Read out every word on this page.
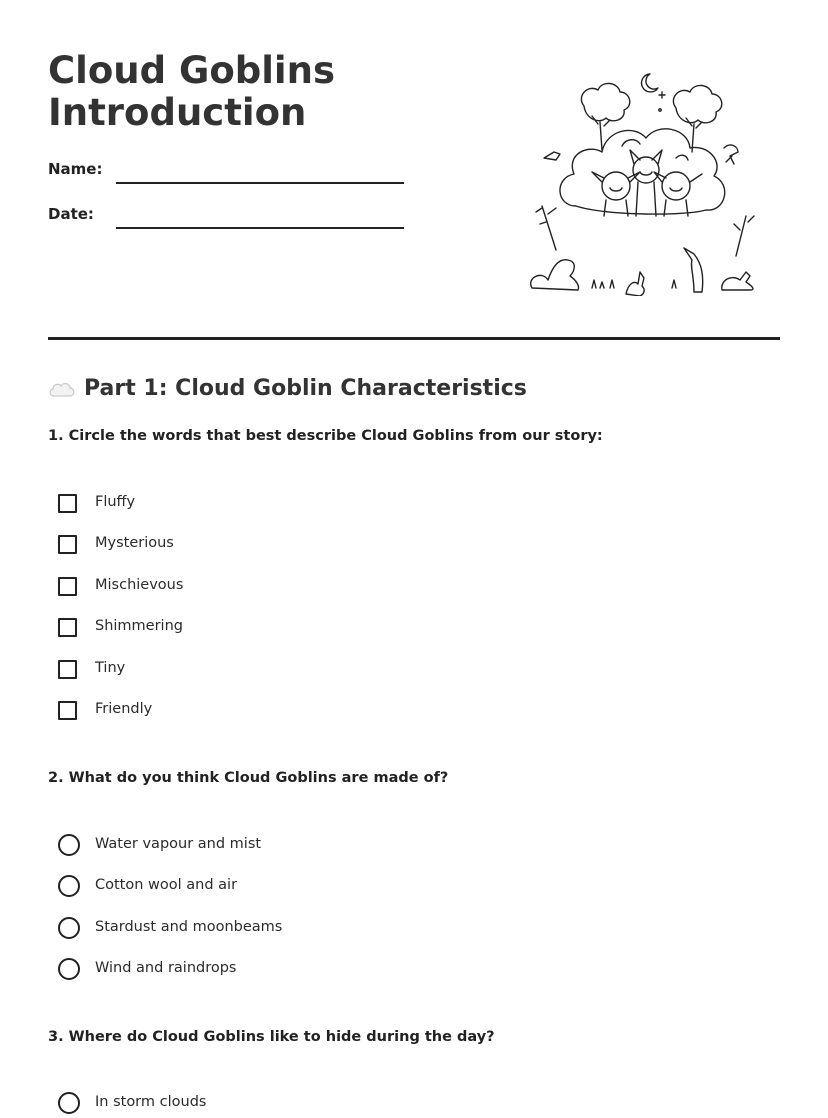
Cloud Goblins
Introduction
Name:
Date:
Part 1: Cloud Goblin Characteristics

1. Circle the words that best describe Cloud Goblins from our story:

Fluffy
Mysterious
Mischievous
Shimmering
Tiny
Friendly

2. What do you think Cloud Goblins are made of?

Water vapour and mist
Cotton wool and air
Stardust and moonbeams
Wind and raindrops

3. Where do Cloud Goblins like to hide during the day?

In storm clouds
